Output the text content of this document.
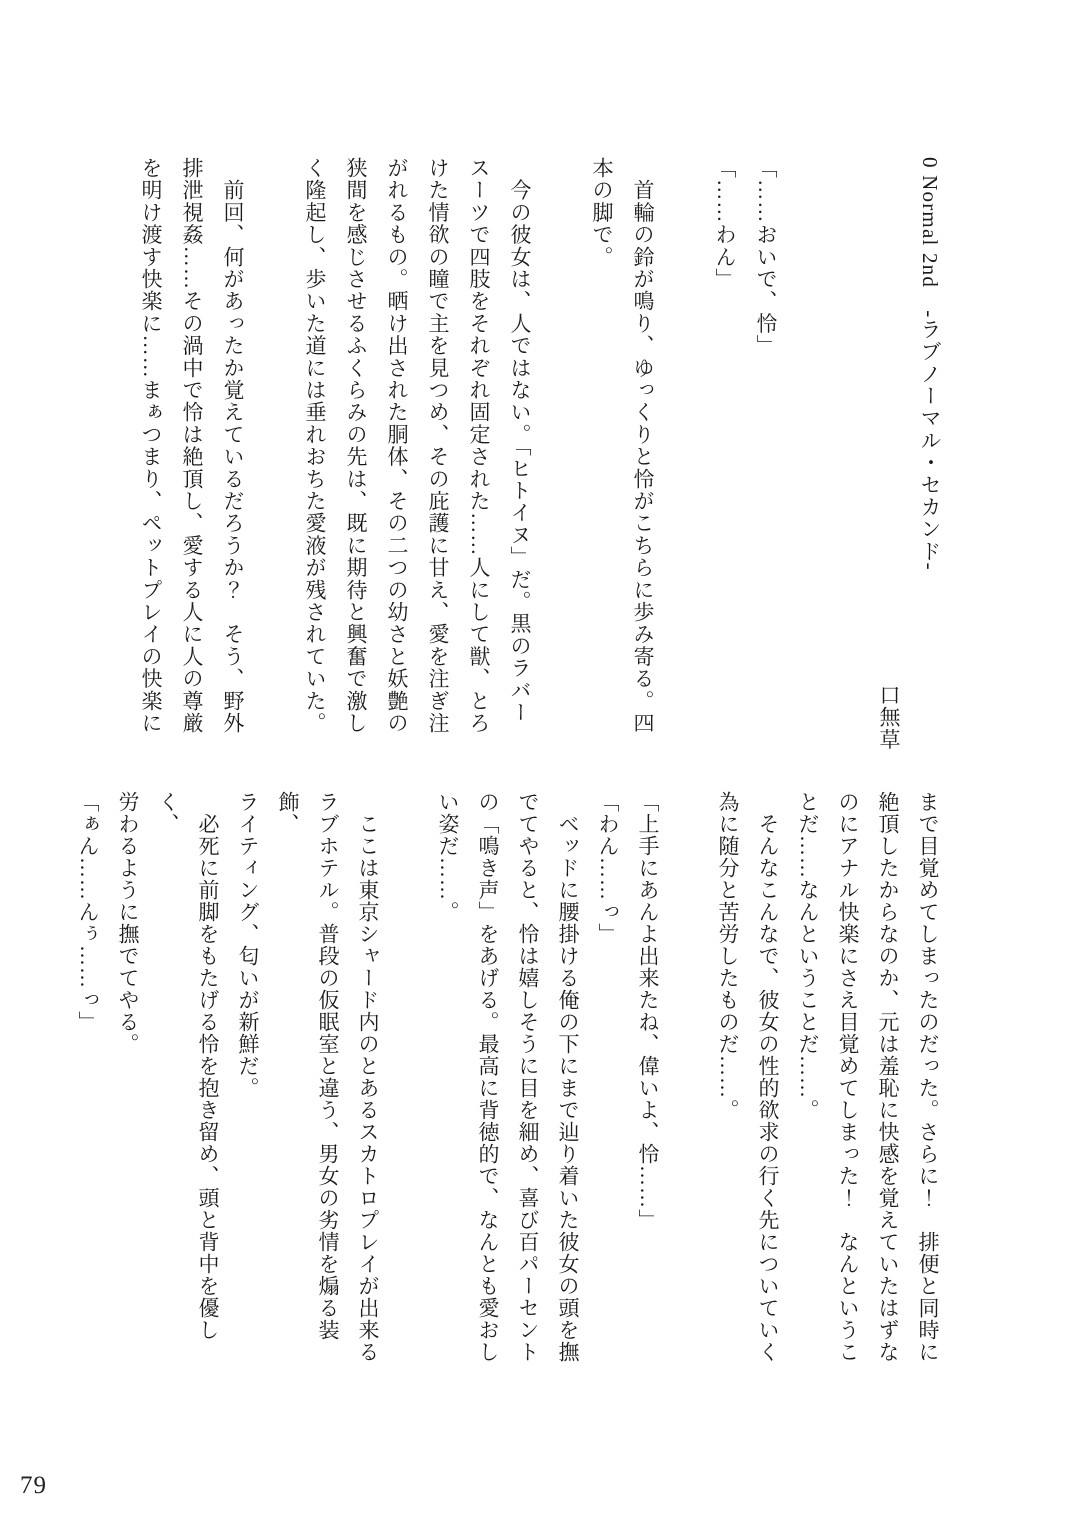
0 Normal 2nd　-ラブノーマル・セカンド-

口無草

​

​

「……おいで、怜」

「……わん」

​

　首輪の鈴が鳴り、ゆっくりと怜がこちらに歩み寄る。四

本の脚で。

​

　今の彼女は、人ではない。「ヒトイヌ」だ。黒のラバー

スーツで四肢をそれぞれ固定された……人にして獣、とろ

けた情欲の瞳で主を見つめ、その庇護に甘え、愛を注ぎ注

がれるもの。晒け出された胴体、その二つの幼さと妖艶の

狭間を感じさせるふくらみの先は、既に期待と興奮で激し

く隆起し、歩いた道には垂れおちた愛液が残されていた。

​

　前回、何があったか覚えているだろうか？　そう、野外

排泄視姦……その渦中で怜は絶頂し、愛する人に人の尊厳

を明け渡す快楽に……まぁつまり、ペットプレイの快楽に

まで目覚めてしまったのだった。さらに！　排便と同時に

絶頂したからなのか、元は羞恥に快感を覚えていたはずな

のにアナル快楽にさえ目覚めてしまった！　なんというこ

とだ……なんということだ……。

　そんなこんなで、彼女の性的欲求の行く先についていく

為に随分と苦労したものだ……。

​

「上手にあんよ出来たね、偉いよ、怜……」

「わん……っ」

　ベッドに腰掛ける俺の下にまで辿り着いた彼女の頭を撫

でてやると、怜は嬉しそうに目を細め、喜び百パーセント

の「鳴き声」をあげる。最高に背徳的で、なんとも愛おし

い姿だ……。

​

　ここは東京シャード内のとあるスカトロプレイが出来る

ラブホテル。普段の仮眠室と違う、男女の劣情を煽る装飾、

ライティング、匂いが新鮮だ。

　必死に前脚をもたげる怜を抱き留め、頭と背中を優しく、

労わるように撫でてやる。

「ぁん……んぅ……っ」

79
